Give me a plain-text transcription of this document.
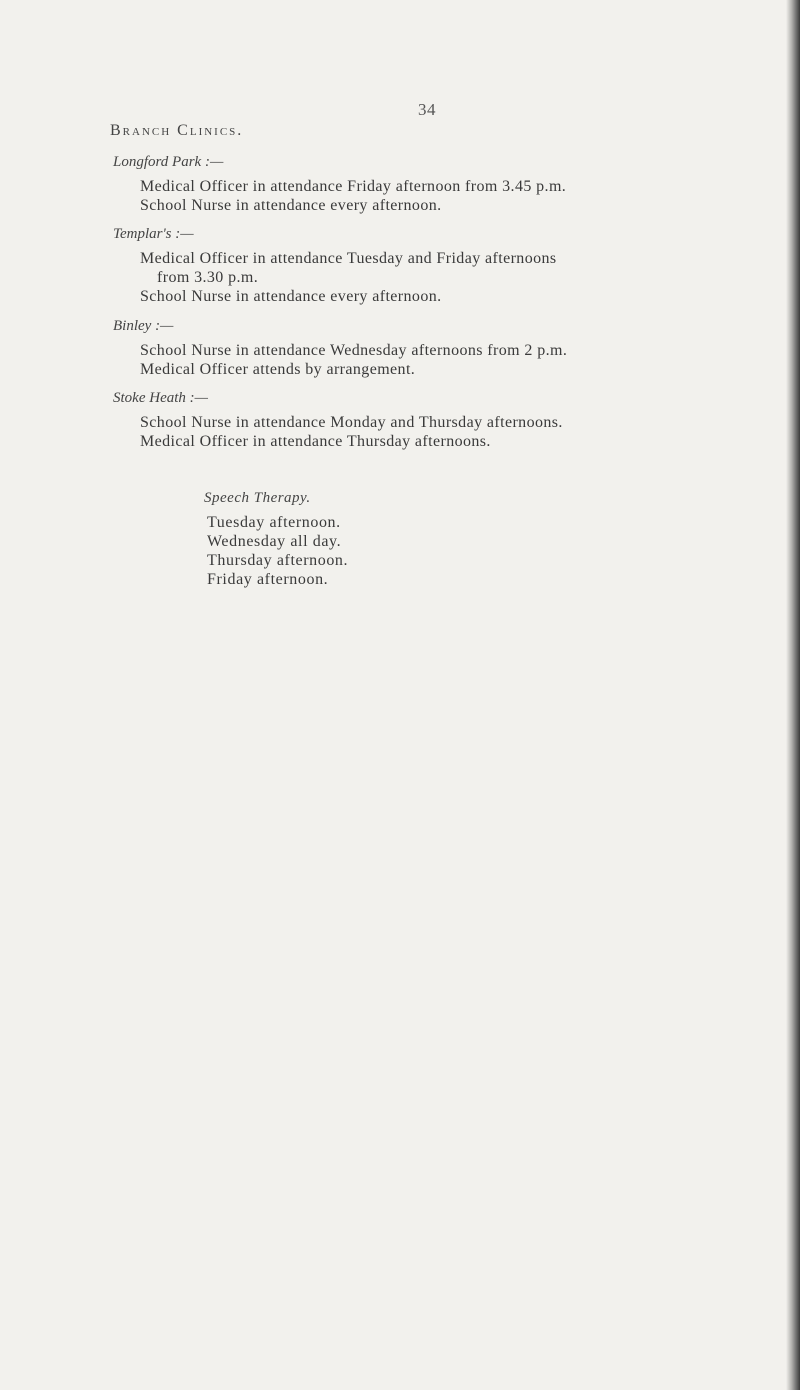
34
Branch Clinics.
Longford Park :—
Medical Officer in attendance Friday afternoon from 3.45 p.m.
School Nurse in attendance every afternoon.
Templar's :—
Medical Officer in attendance Tuesday and Friday afternoons
from 3.30 p.m.
School Nurse in attendance every afternoon.
Binley :—
School Nurse in attendance Wednesday afternoons from 2 p.m.
Medical Officer attends by arrangement.
Stoke Heath :—
School Nurse in attendance Monday and Thursday afternoons.
Medical Officer in attendance Thursday afternoons.
Speech Therapy.
Tuesday afternoon.
Wednesday all day.
Thursday afternoon.
Friday afternoon.
